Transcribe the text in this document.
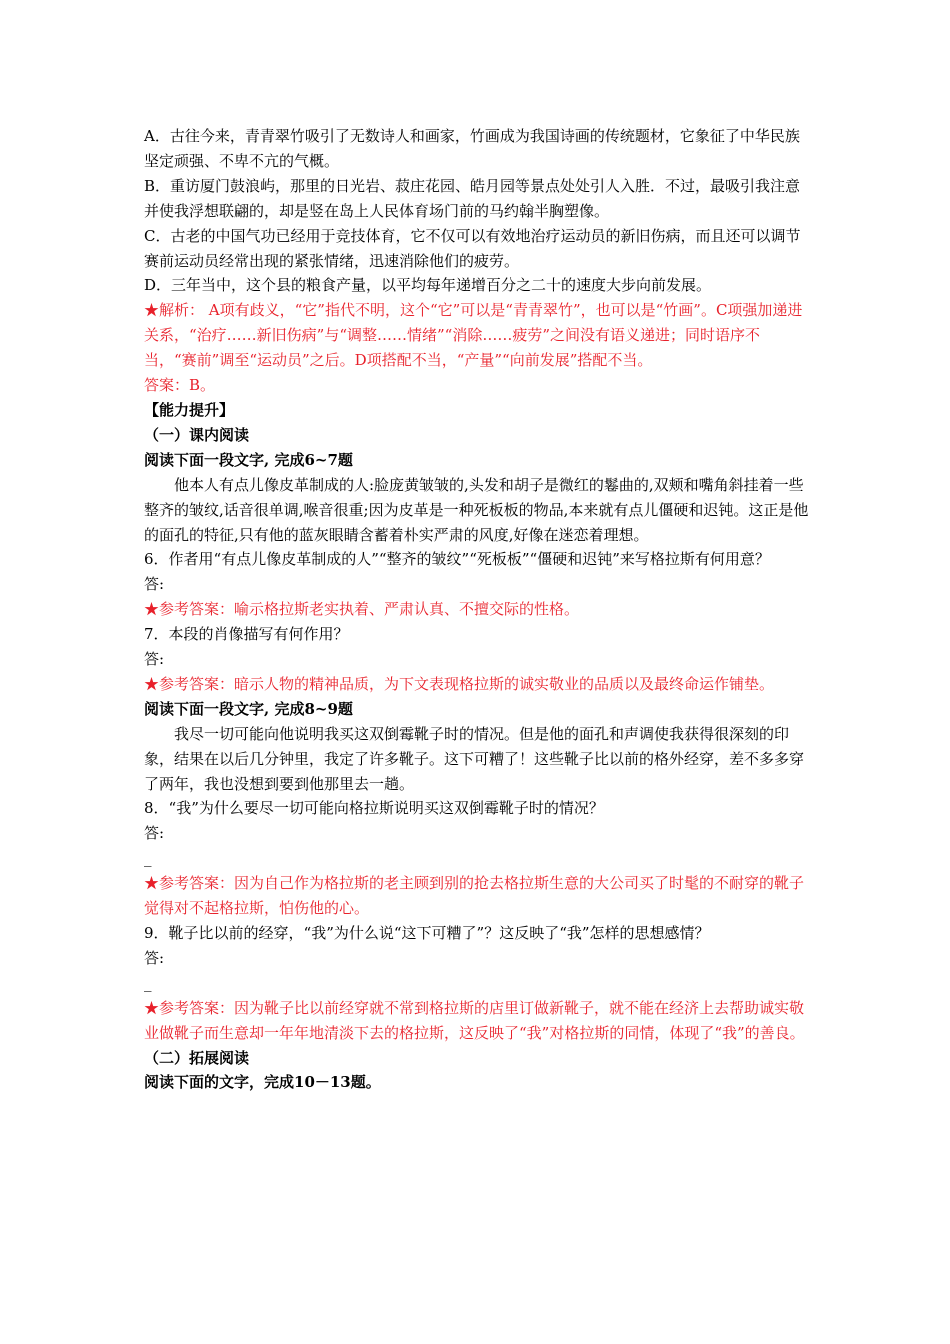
A．古往今来，青青翠竹吸引了无数诗人和画家，竹画成为我国诗画的传统题材，它象征了中华民族坚定顽强、不卑不亢的气概。

B．重访厦门鼓浪屿，那里的日光岩、菽庄花园、皓月园等景点处处引人入胜．不过，最吸引我注意并使我浮想联翩的，却是竖在岛上人民体育场门前的马约翰半胸塑像。

C．古老的中国气功已经用于竞技体育，它不仅可以有效地治疗运动员的新旧伤病，而且还可以调节赛前运动员经常出现的紧张情绪，迅速消除他们的疲劳。

D．三年当中，这个县的粮食产量，以平均每年递增百分之二十的速度大步向前发展。

★解析： A项有歧义，“它”指代不明，这个“它”可以是“青青翠竹”，也可以是“竹画”。C项强加递进关系，“治疗……新旧伤病”与“调整……情绪”“消除……疲劳”之间没有语义递进；同时语序不当，“赛前”调至“运动员”之后。D项搭配不当，“产量”“向前发展”搭配不当。

答案：B。

【能力提升】

（一）课内阅读

阅读下面一段文字, 完成6~7题

他本人有点儿像皮革制成的人:脸庞黄皱皱的,头发和胡子是微红的鬈曲的,双颊和嘴角斜挂着一些整齐的皱纹,话音很单调,喉音很重;因为皮革是一种死板板的物品,本来就有点儿僵硬和迟钝。这正是他的面孔的特征,只有他的蓝灰眼睛含蓄着朴实严肃的风度,好像在迷恋着理想。

6．作者用“有点儿像皮革制成的人”“整齐的皱纹”“死板板”“僵硬和迟钝”来写格拉斯有何用意？

答:

★参考答案：喻示格拉斯老实执着、严肃认真、不擅交际的性格。

7．本段的肖像描写有何作用？

答:

★参考答案：暗示人物的精神品质，为下文表现格拉斯的诚实敬业的品质以及最终命运作铺垫。

阅读下面一段文字, 完成8~9题

我尽一切可能向他说明我买这双倒霉靴子时的情况。但是他的面孔和声调使我获得很深刻的印象，结果在以后几分钟里，我定了许多靴子。这下可糟了！这些靴子比以前的格外经穿，差不多多穿了两年，我也没想到要到他那里去一趟。

8．“我”为什么要尽一切可能向格拉斯说明买这双倒霉靴子时的情况？

答:

_

★参考答案：因为自己作为格拉斯的老主顾到别的抢去格拉斯生意的大公司买了时髦的不耐穿的靴子觉得对不起格拉斯，怕伤他的心。

9．靴子比以前的经穿，“我”为什么说“这下可糟了”？这反映了“我”怎样的思想感情？

答:

_

★参考答案：因为靴子比以前经穿就不常到格拉斯的店里订做新靴子，就不能在经济上去帮助诚实敬业做靴子而生意却一年年地清淡下去的格拉斯，这反映了“我”对格拉斯的同情，体现了“我”的善良。

（二）拓展阅读

阅读下面的文字，完成10－13题。
